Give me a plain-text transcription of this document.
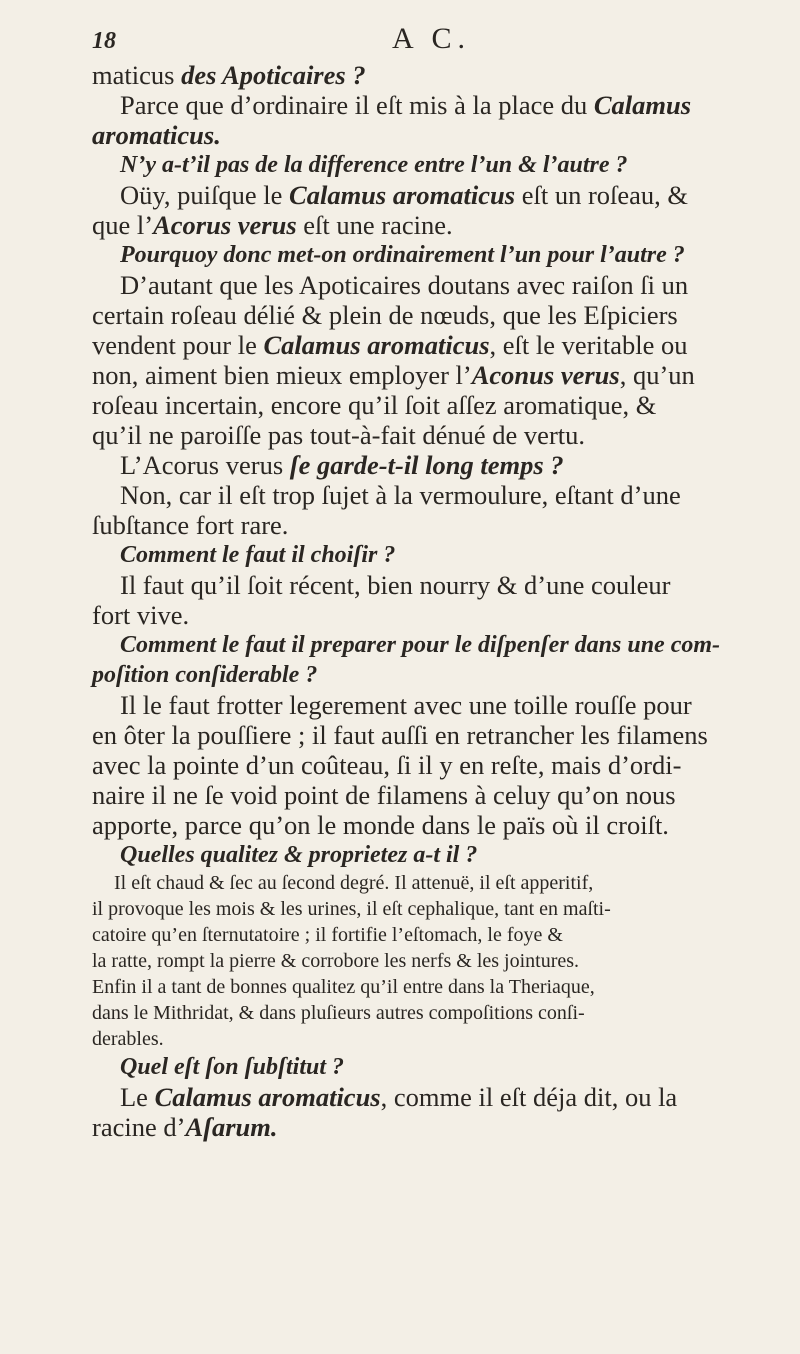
18	A C.
maticus des Apoticaires ?
Parce que d’ordinaire il eſt mis à la place du Calamus
aromaticus.
N’y a-t’il pas de la difference entre l’un & l’autre ?
Oüy, puiſque le Calamus aromaticus eſt un roſeau, &
que l’Acorus verus eſt une racine.
Pourquoy donc met-on ordinairement l’un pour l’autre ?
D’autant que les Apoticaires doutans avec raiſon ſi un
certain roſeau délié & plein de nœuds, que les Eſpiciers
vendent pour le Calamus aromaticus, eſt le veritable ou
non, aiment bien mieux employer l’Aconus verus, qu’un
roſeau incertain, encore qu’il ſoit aſſez aromatique, &
qu’il ne paroiſſe pas tout-à-fait dénué de vertu.
L’Acorus verus ſe garde-t-il long temps ?
Non, car il eſt trop ſujet à la vermoulure, eſtant d’une
ſubſtance fort rare.
Comment le faut il choiſir ?
Il faut qu’il ſoit récent, bien nourry & d’une couleur
fort vive.
Comment le faut il preparer pour le diſpenſer dans une com-
poſition conſiderable ?
Il le faut frotter legerement avec une toille rouſſe pour
en ôter la pouſſiere ; il faut auſſi en retrancher les filamens
avec la pointe d’un coûteau, ſi il y en reſte, mais d’ordi-
naire il ne ſe void point de filamens à celuy qu’on nous
apporte, parce qu’on le monde dans le païs où il croiſt.
Quelles qualitez & proprietez a-t il ?
Il eſt chaud & ſec au ſecond degré. Il attenuë, il eſt apperitif,
il provoque les mois & les urines, il eſt cephalique, tant en maſti-
catoire qu’en ſternutatoire ; il fortifie l’eſtomach, le foye &
la ratte, rompt la pierre & corrobore les nerfs & les jointures.
Enfin il a tant de bonnes qualitez qu’il entre dans la Theriaque,
dans le Mithridat, & dans pluſieurs autres compoſitions conſi-
derables.
Quel eſt ſon ſubſtitut ?
Le Calamus aromaticus, comme il eſt déja dit, ou la
racine d’Aſarum.
